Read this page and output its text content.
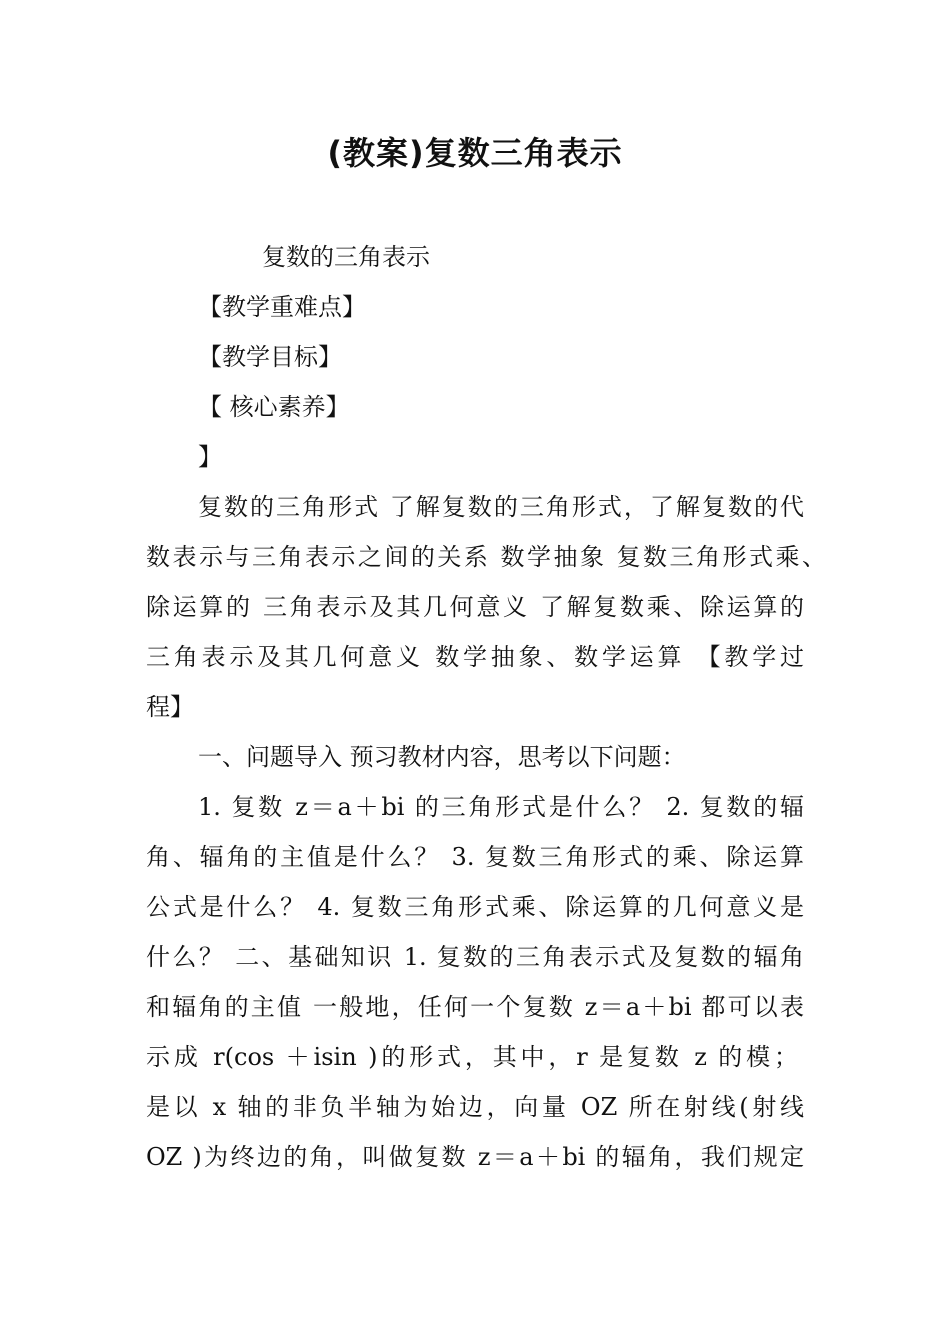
(教案)复数三角表示
复数的三角表示
【教学重难点】
【教学目标】
【 核心素养】
】
复数的三角形式 了解复数的三角形式，了解复数的代
数表示与三角表示之间的关系 数学抽象 复数三角形式乘、
除运算的 三角表示及其几何意义 了解复数乘、除运算的
三角表示及其几何意义 数学抽象、数学运算 【教学过
程】
一、问题导入 预习教材内容，思考以下问题：
1. 复数 z＝a＋bi 的三角形式是什么？ 2. 复数的辐
角、辐角的主值是什么？ 3. 复数三角形式的乘、除运算
公式是什么？ 4. 复数三角形式乘、除运算的几何意义是
什么？ 二、基础知识 1. 复数的三角表示式及复数的辐角
和辐角的主值 一般地，任何一个复数 z＝a＋bi 都可以表
示成 r(cos ＋isin )的形式，其中，r 是复数 z 的模；
是以 x 轴的非负半轴为始边，向量 OZ 所在射线(射线
OZ )为终边的角，叫做复数 z＝a＋bi 的辐角，我们规定
